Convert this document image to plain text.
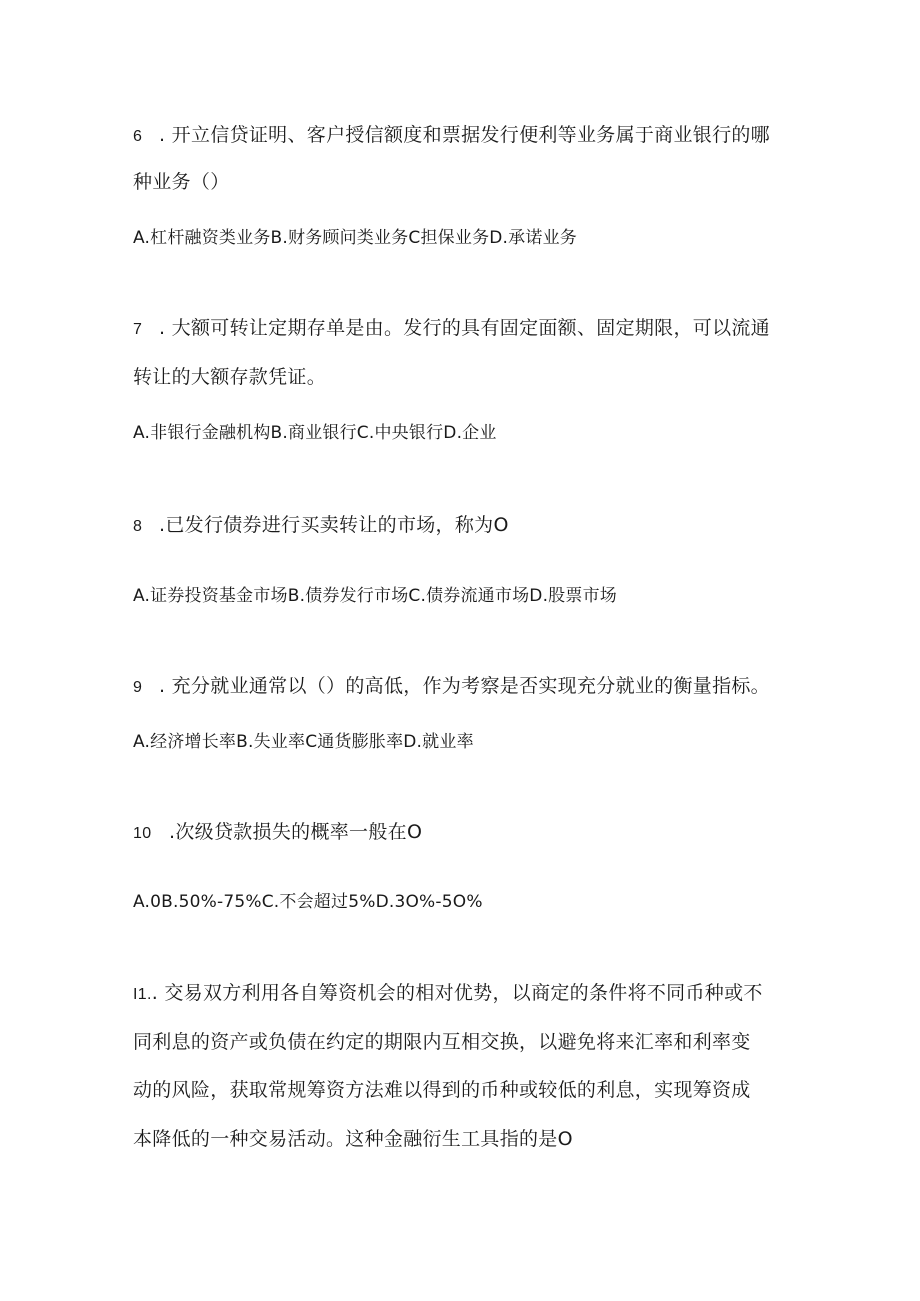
6 . 开立信贷证明、客户授信额度和票据发行便利等业务属于商业银行的哪
种业务（）
A.杠杆融资类业务B.财务顾问类业务C担保业务D.承诺业务
7 . 大额可转让定期存单是由。发行的具有固定面额、固定期限，可以流通
转让的大额存款凭证。
A.非银行金融机构B.商业银行C.中央银行D.企业
8 .已发行债券进行买卖转让的市场，称为O
A.证券投资基金市场B.债券发行市场C.债券流通市场D.股票市场
9 . 充分就业通常以（）的高低，作为考察是否实现充分就业的衡量指标。
A.经济增长率B.失业率C通货膨胀率D.就业率
10 .次级贷款损失的概率一般在O
A.0B.50%-75%C.不会超过5%D.3O%-5O%
I1.. 交易双方利用各自筹资机会的相对优势，以商定的条件将不同币种或不
同利息的资产或负债在约定的期限内互相交换，以避免将来汇率和利率变
动的风险，获取常规筹资方法难以得到的币种或较低的利息，实现筹资成
本降低的一种交易活动。这种金融衍生工具指的是O
